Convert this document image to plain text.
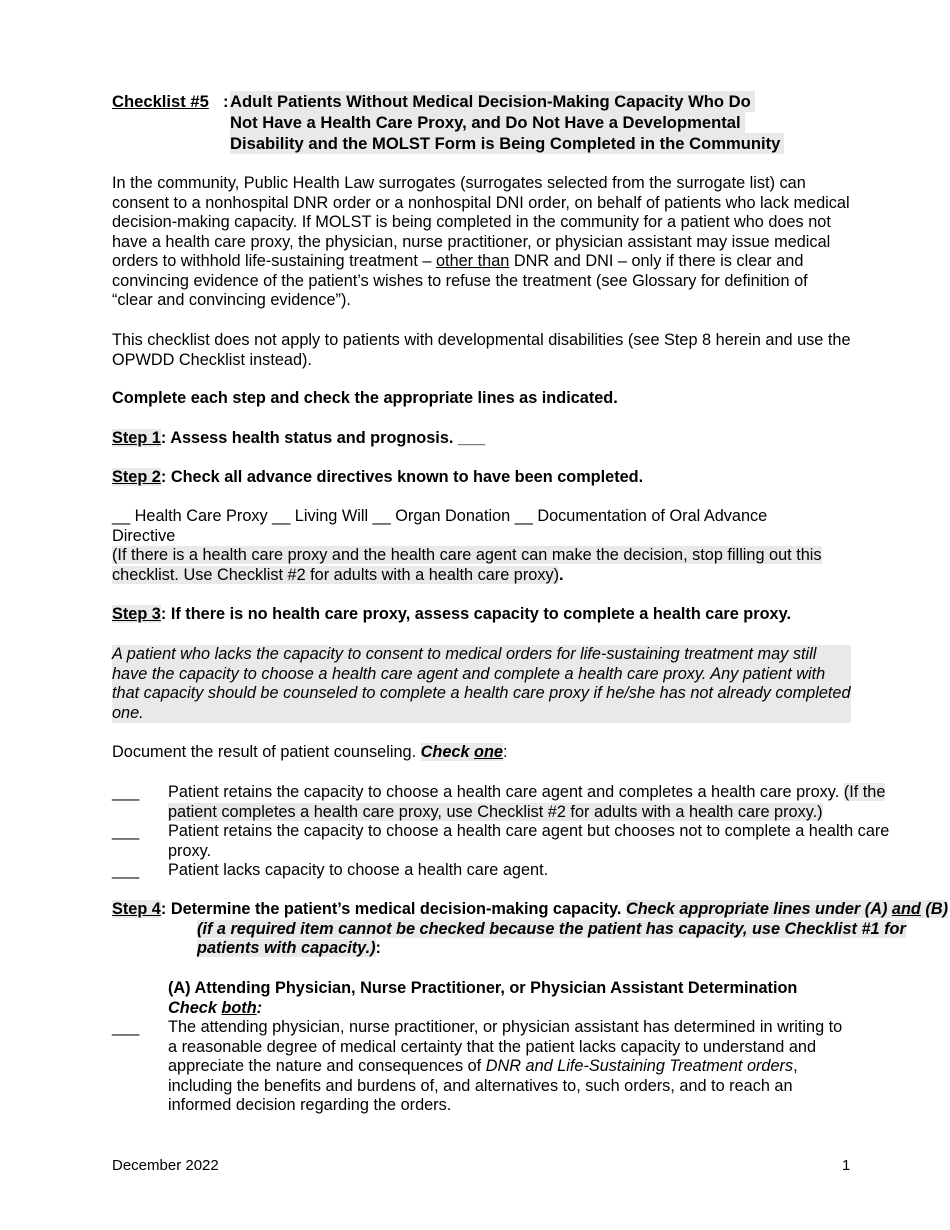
Checklist #5 : Adult Patients Without Medical Decision-Making Capacity Who Do
Not Have a Health Care Proxy, and Do Not Have a Developmental
Disability and the MOLST Form is Being Completed in the Community
In the community, Public Health Law surrogates (surrogates selected from the surrogate list) can consent to a nonhospital DNR order or a nonhospital DNI order, on behalf of patients who lack medical decision-making capacity. If MOLST is being completed in the community for a patient who does not have a health care proxy, the physician, nurse practitioner, or physician assistant may issue medical orders to withhold life-sustaining treatment – other than DNR and DNI – only if there is clear and convincing evidence of the patient’s wishes to refuse the treatment (see Glossary for definition of “clear and convincing evidence”).
This checklist does not apply to patients with developmental disabilities (see Step 8 herein and use the OPWDD Checklist instead).
Complete each step and check the appropriate lines as indicated.
Step 1: Assess health status and prognosis. ___
Step 2: Check all advance directives known to have been completed.
__ Health Care Proxy __ Living Will __ Organ Donation __ Documentation of Oral Advance Directive
(If there is a health care proxy and the health care agent can make the decision, stop filling out this checklist. Use Checklist #2 for adults with a health care proxy).
Step 3: If there is no health care proxy, assess capacity to complete a health care proxy.
A patient who lacks the capacity to consent to medical orders for life-sustaining treatment may still have the capacity to choose a health care agent and complete a health care proxy. Any patient with that capacity should be counseled to complete a health care proxy if he/she has not already completed one.
Document the result of patient counseling. Check one:
___ Patient retains the capacity to choose a health care agent and completes a health care proxy. (If the patient completes a health care proxy, use Checklist #2 for adults with a health care proxy.)
___ Patient retains the capacity to choose a health care agent but chooses not to complete a health care proxy.
___ Patient lacks capacity to choose a health care agent.
Step 4: Determine the patient’s medical decision-making capacity. Check appropriate lines under (A) and (B) (if a required item cannot be checked because the patient has capacity, use Checklist #1 for patients with capacity.):
(A) Attending Physician, Nurse Practitioner, or Physician Assistant Determination
Check both:
___ The attending physician, nurse practitioner, or physician assistant has determined in writing to a reasonable degree of medical certainty that the patient lacks capacity to understand and appreciate the nature and consequences of DNR and Life-Sustaining Treatment orders, including the benefits and burdens of, and alternatives to, such orders, and to reach an informed decision regarding the orders.
December 2022	1
